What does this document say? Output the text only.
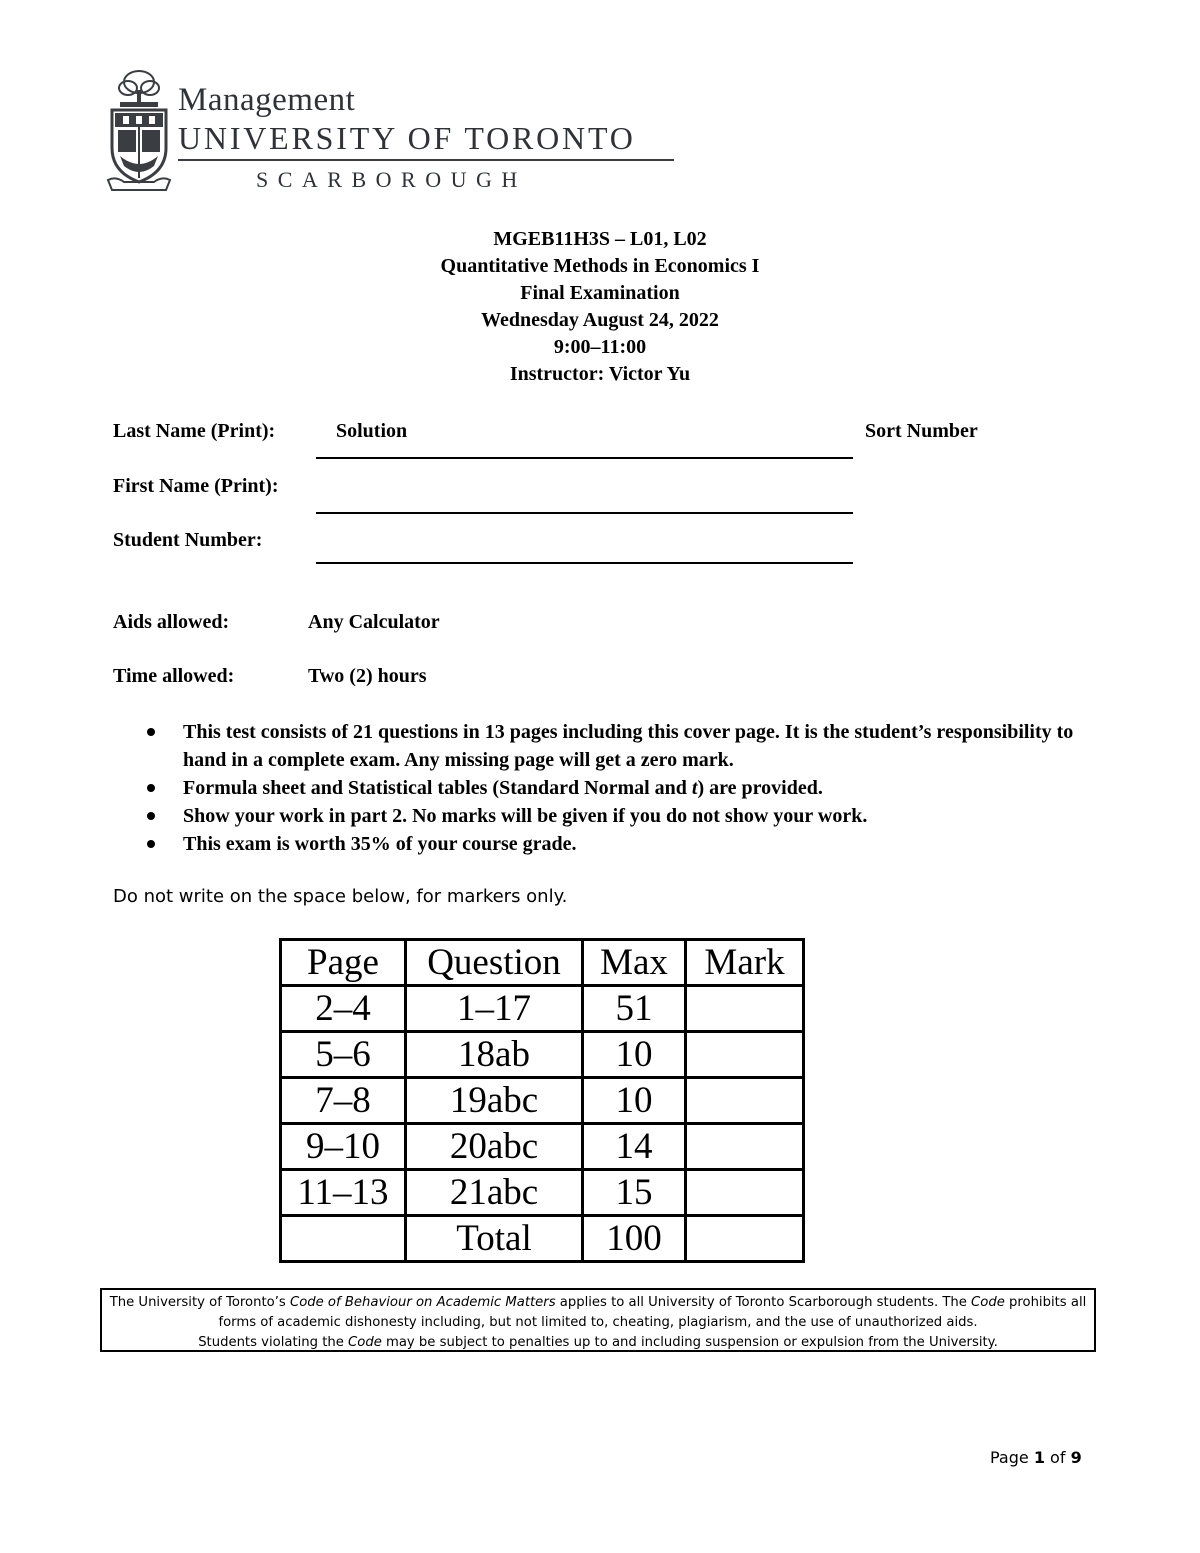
Management
UNIVERSITY OF TORONTO
SCARBOROUGH
MGEB11H3S – L01, L02
Quantitative Methods in Economics I
Final Examination
Wednesday August 24, 2022
9:00–11:00
Instructor: Victor Yu
Last Name (Print):	Solution	Sort Number
First Name (Print):
Student Number:
Aids allowed:	Any Calculator
Time allowed:	Two (2) hours
This test consists of 21 questions in 13 pages including this cover page. It is the student’s responsibility to hand in a complete exam. Any missing page will get a zero mark.
Formula sheet and Statistical tables (Standard Normal and t) are provided.
Show your work in part 2. No marks will be given if you do not show your work.
This exam is worth 35% of your course grade.
Do not write on the space below, for markers only.
Page	Question	Max	Mark
2–4	1–17	51	
5–6	18ab	10	
7–8	19abc	10	
9–10	20abc	14	
11–13	21abc	15	
	Total	100	
The University of Toronto’s Code of Behaviour on Academic Matters applies to all University of Toronto Scarborough students. The Code prohibits all forms of academic dishonesty including, but not limited to, cheating, plagiarism, and the use of unauthorized aids.
Students violating the Code may be subject to penalties up to and including suspension or expulsion from the University.
Page 1 of 9
